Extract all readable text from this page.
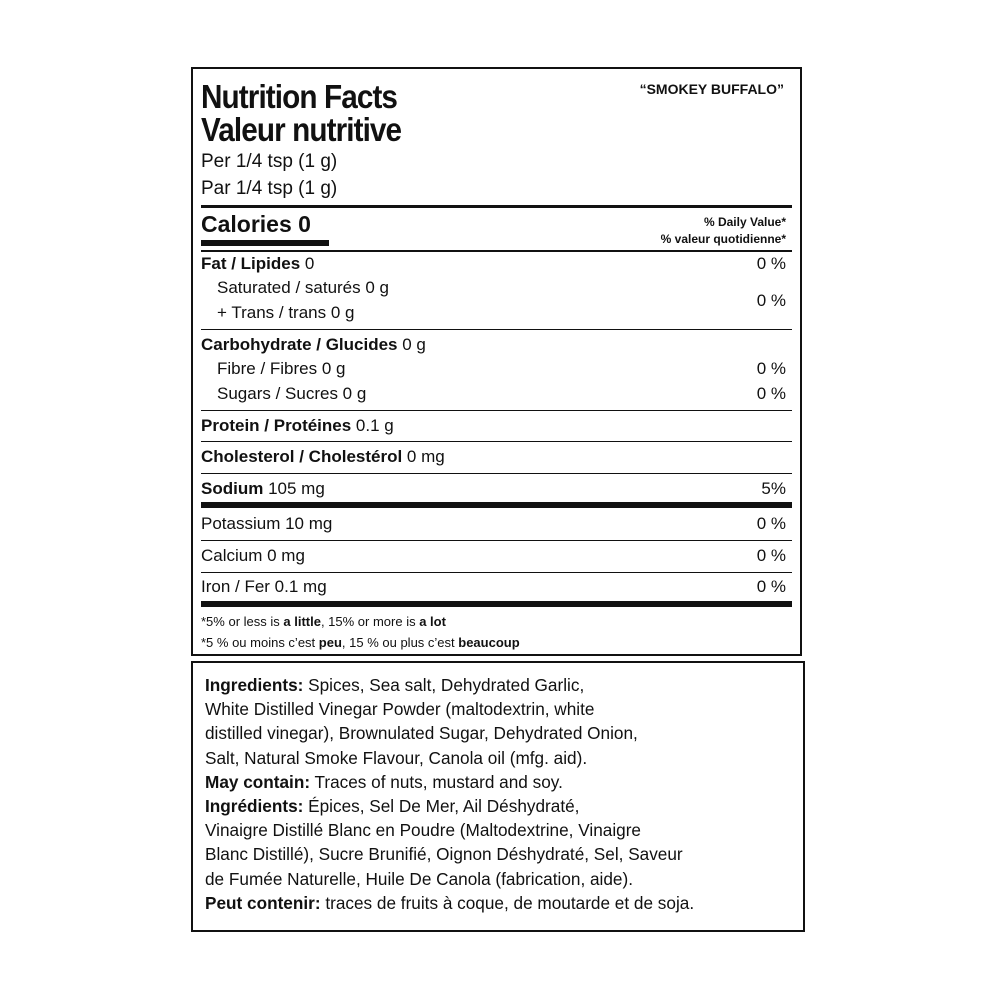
Nutrition Facts
Valeur nutritive
“SMOKEY BUFFALO”
Per 1/4 tsp (1 g)
Par 1/4 tsp (1 g)
Calories 0	% Daily Value*
% valeur quotidienne*
Fat / Lipides 0	0 %
Saturated / saturés 0 g
+ Trans / trans 0 g
0 %
Carbohydrate / Glucides 0 g
Fibre / Fibres 0 g	0 %
Sugars / Sucres 0 g	0 %
Protein / Protéines 0.1 g
Cholesterol / Cholestérol 0 mg
Sodium 105 mg	5%
Potassium 10 mg	0 %
Calcium 0 mg	0 %
Iron / Fer 0.1 mg	0 %
*5% or less is a little, 15% or more is a lot
*5 % ou moins c’est peu, 15 % ou plus c’est beaucoup
Ingredients: Spices, Sea salt, Dehydrated Garlic,
White Distilled Vinegar Powder (maltodextrin, white
distilled vinegar), Brownulated Sugar, Dehydrated Onion,
Salt, Natural Smoke Flavour, Canola oil (mfg. aid).
May contain: Traces of nuts, mustard and soy.
Ingrédients: Épices, Sel De Mer, Ail Déshydraté,
Vinaigre Distillé Blanc en Poudre (Maltodextrine, Vinaigre
Blanc Distillé), Sucre Brunifié, Oignon Déshydraté, Sel, Saveur
de Fumée Naturelle, Huile De Canola (fabrication, aide).
Peut contenir: traces de fruits à coque, de moutarde et de soja.
